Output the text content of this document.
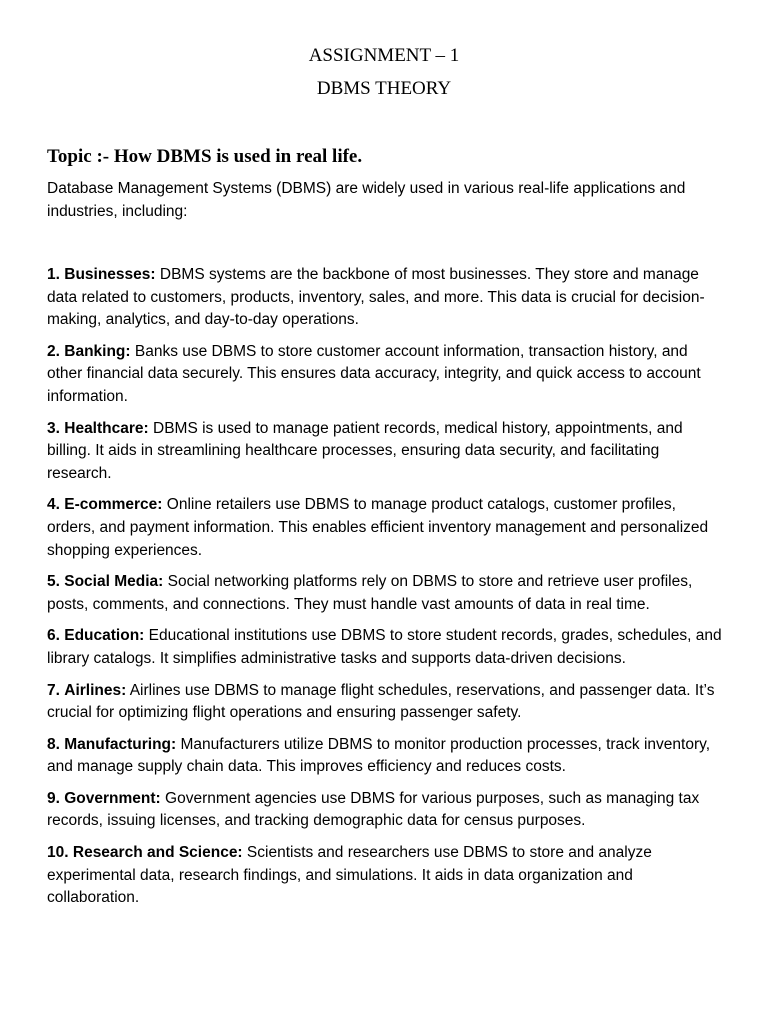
ASSIGNMENT – 1
DBMS THEORY
Topic :- How DBMS is used in real life.
Database Management Systems (DBMS) are widely used in various real-life applications and industries, including:
1. Businesses: DBMS systems are the backbone of most businesses. They store and manage data related to customers, products, inventory, sales, and more. This data is crucial for decision-making, analytics, and day-to-day operations.
2. Banking: Banks use DBMS to store customer account information, transaction history, and other financial data securely. This ensures data accuracy, integrity, and quick access to account information.
3. Healthcare: DBMS is used to manage patient records, medical history, appointments, and billing. It aids in streamlining healthcare processes, ensuring data security, and facilitating research.
4. E-commerce: Online retailers use DBMS to manage product catalogs, customer profiles, orders, and payment information. This enables efficient inventory management and personalized shopping experiences.
5. Social Media: Social networking platforms rely on DBMS to store and retrieve user profiles, posts, comments, and connections. They must handle vast amounts of data in real time.
6. Education: Educational institutions use DBMS to store student records, grades, schedules, and library catalogs. It simplifies administrative tasks and supports data-driven decisions.
7. Airlines: Airlines use DBMS to manage flight schedules, reservations, and passenger data. It’s crucial for optimizing flight operations and ensuring passenger safety.
8. Manufacturing: Manufacturers utilize DBMS to monitor production processes, track inventory, and manage supply chain data. This improves efficiency and reduces costs.
9. Government: Government agencies use DBMS for various purposes, such as managing tax records, issuing licenses, and tracking demographic data for census purposes.
10. Research and Science: Scientists and researchers use DBMS to store and analyze experimental data, research findings, and simulations. It aids in data organization and collaboration.
